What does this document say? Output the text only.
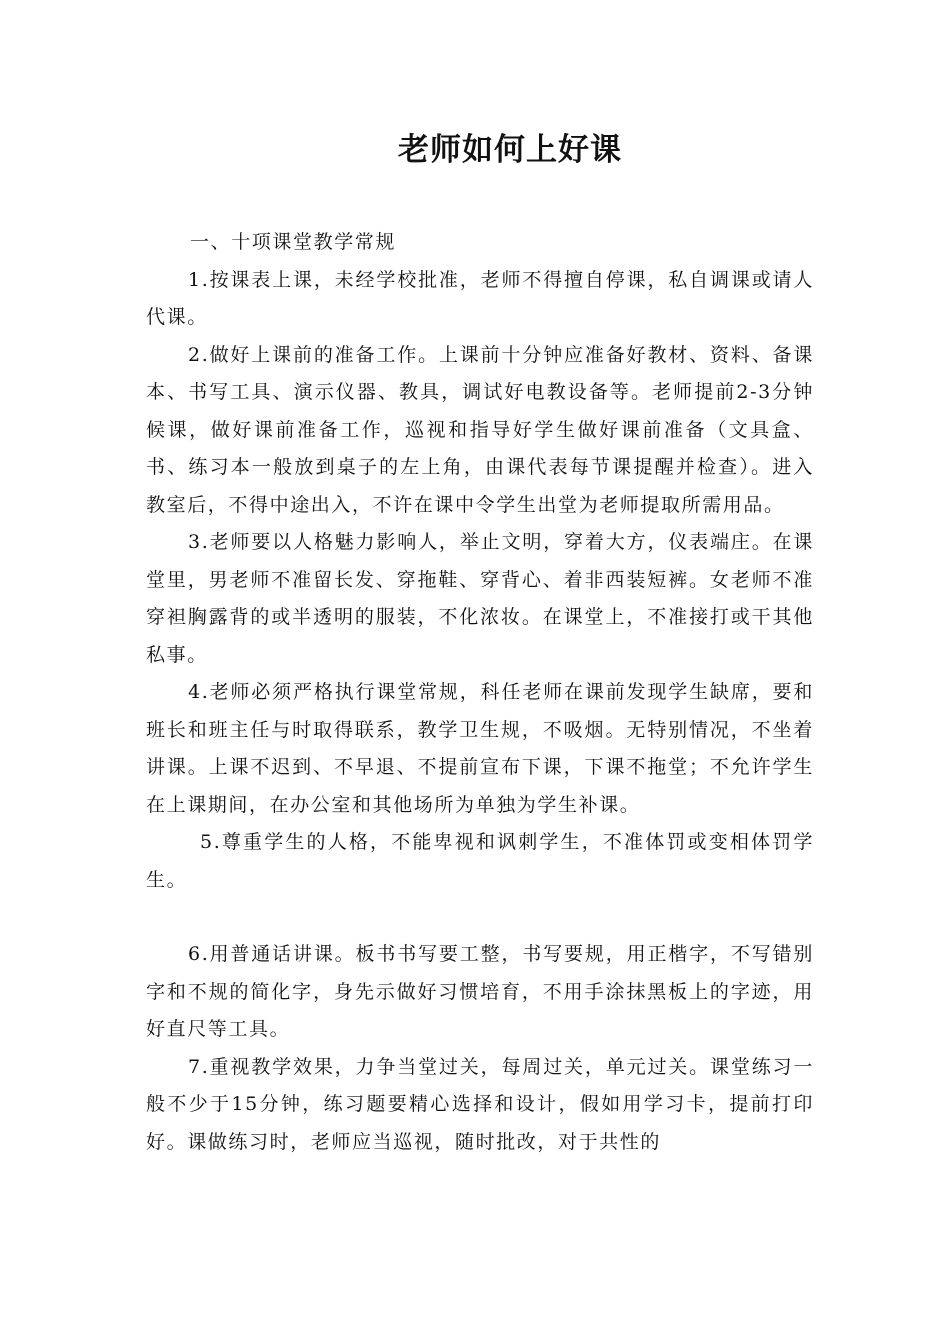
老师如何上好课

一、十项课堂教学常规

1.按课表上课，未经学校批准，老师不得擅自停课，私自调课或请人代课。

2.做好上课前的准备工作。上课前十分钟应准备好教材、资料、备课本、书写工具、演示仪器、教具，调试好电教设备等。老师提前2-3分钟候课，做好课前准备工作，巡视和指导好学生做好课前准备（文具盒、书、练习本一般放到桌子的左上角，由课代表每节课提醒并检查）。进入教室后，不得中途出入，不许在课中令学生出堂为老师提取所需用品。

3.老师要以人格魅力影响人，举止文明，穿着大方，仪表端庄。在课堂里，男老师不准留长发、穿拖鞋、穿背心、着非西装短裤。女老师不准穿袒胸露背的或半透明的服装，不化浓妆。在课堂上，不准接打或干其他私事。

4.老师必须严格执行课堂常规，科任老师在课前发现学生缺席，要和班长和班主任与时取得联系，教学卫生规，不吸烟。无特别情况，不坐着讲课。上课不迟到、不早退、不提前宣布下课，下课不拖堂；不允许学生在上课期间，在办公室和其他场所为单独为学生补课。

5.尊重学生的人格，不能卑视和讽刺学生，不准体罚或变相体罚学生。

6.用普通话讲课。板书书写要工整，书写要规，用正楷字，不写错别字和不规的简化字，身先示做好习惯培育，不用手涂抹黑板上的字迹，用好直尺等工具。

7.重视教学效果，力争当堂过关，每周过关，单元过关。课堂练习一般不少于15分钟，练习题要精心选择和设计，假如用学习卡，提前打印好。课做练习时，老师应当巡视，随时批改，对于共性的
